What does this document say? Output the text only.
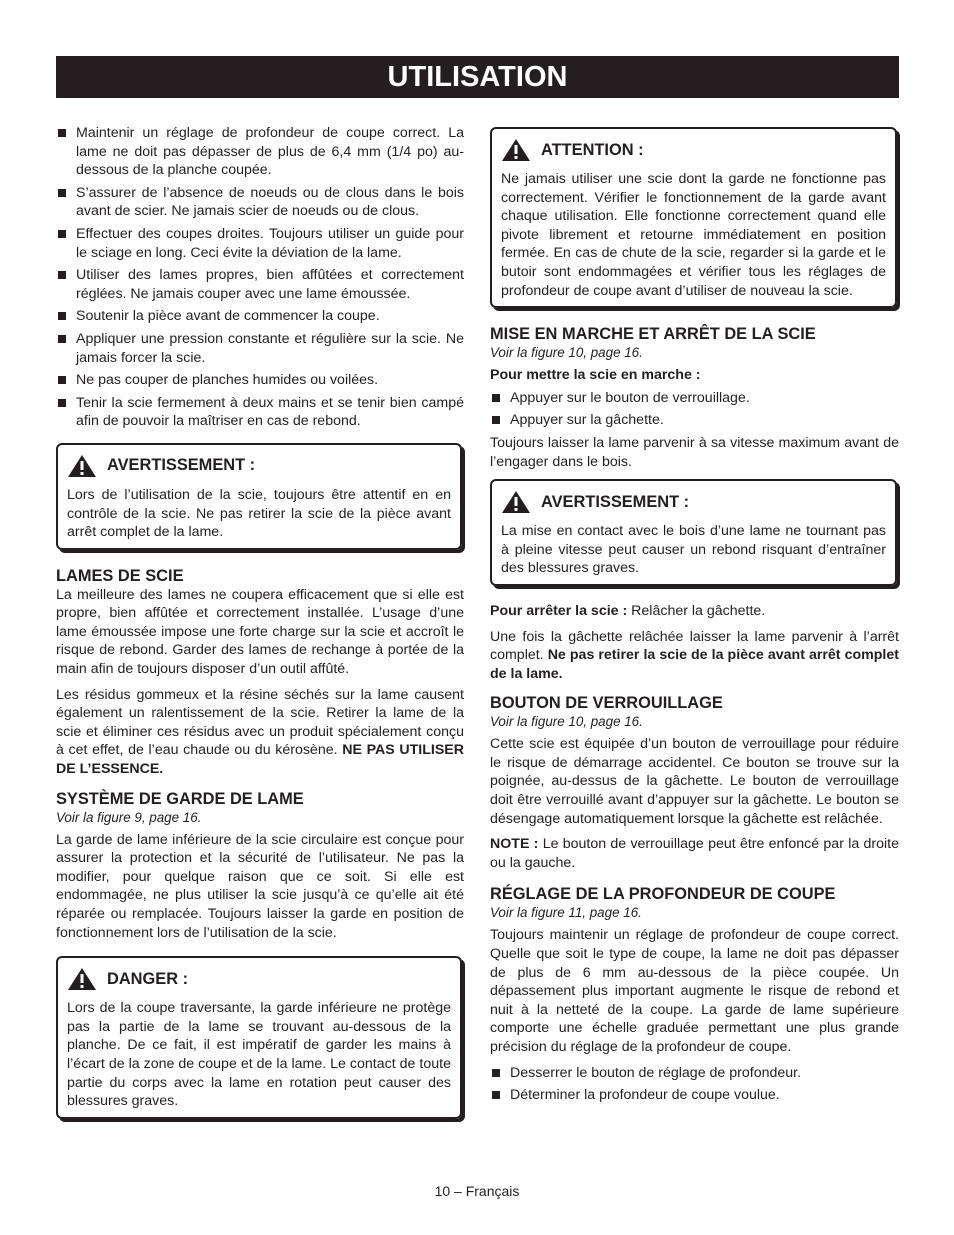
UTILISATION
Maintenir un réglage de profondeur de coupe correct. La lame ne doit pas dépasser de plus de 6,4 mm (1/4 po) au-dessous de la planche coupée.
S’assurer de l’absence de noeuds ou de clous dans le bois avant de scier. Ne jamais scier de noeuds ou de clous.
Effectuer des coupes droites. Toujours utiliser un guide pour le sciage en long. Ceci évite la déviation de la lame.
Utiliser des lames propres, bien affûtées et correctement réglées. Ne jamais couper avec une lame émoussée.
Soutenir la pièce avant de commencer la coupe.
Appliquer une pression constante et régulière sur la scie. Ne jamais forcer la scie.
Ne pas couper de planches humides ou voilées.
Tenir la scie fermement à deux mains et se tenir bien campé afin de pouvoir la maîtriser en cas de rebond.
AVERTISSEMENT :

Lors de l’utilisation de la scie, toujours être attentif en en contrôle de la scie. Ne pas retirer la scie de la pièce avant arrêt complet de la lame.

LAMES DE SCIE

La meilleure des lames ne coupera efficacement que si elle est propre, bien affûtée et correctement installée. L’usage d’une lame émoussée impose une forte charge sur la scie et accroît le risque de rebond. Garder des lames de rechange à portée de la main afin de toujours disposer d’un outil affûté.

Les résidus gommeux et la résine séchés sur la lame causent également un ralentissement de la scie. Retirer la lame de la scie et éliminer ces résidus avec un produit spécialement conçu à cet effet, de l’eau chaude ou du kérosène. NE PAS UTILISER DE L’ESSENCE.

SYSTÈME DE GARDE DE LAME
Voir la figure 9, page 16.

La garde de lame inférieure de la scie circulaire est conçue pour assurer la protection et la sécurité de l’utilisateur. Ne pas la modifier, pour quelque raison que ce soit. Si elle est endommagée, ne plus utiliser la scie jusqu’à ce qu’elle ait été réparée ou remplacée. Toujours laisser la garde en position de fonctionnement lors de l’utilisation de la scie.

DANGER :

Lors de la coupe traversante, la garde inférieure ne protège pas la partie de la lame se trouvant au-dessous de la planche. De ce fait, il est impératif de garder les mains à l’écart de la zone de coupe et de la lame. Le contact de toute partie du corps avec la lame en rotation peut causer des blessures graves.

ATTENTION :

Ne jamais utiliser une scie dont la garde ne fonctionne pas correctement. Vérifier le fonctionnement de la garde avant chaque utilisation. Elle fonctionne correctement quand elle pivote librement et retourne immédiatement en position fermée. En cas de chute de la scie, regarder si la garde et le butoir sont endommagées et vérifier tous les réglages de profondeur de coupe avant d’utiliser de nouveau la scie.

MISE EN MARCHE ET ARRÊT DE LA SCIE
Voir la figure 10, page 16.

Pour mettre la scie en marche :

Appuyer sur le bouton de verrouillage.
Appuyer sur la gâchette.

Toujours laisser la lame parvenir à sa vitesse maximum avant de l’engager dans le bois.

AVERTISSEMENT :

La mise en contact avec le bois d’une lame ne tournant pas à pleine vitesse peut causer un rebond risquant d’entraîner des blessures graves.

Pour arrêter la scie : Relâcher la gâchette.

Une fois la gâchette relâchée laisser la lame parvenir à l’arrêt complet. Ne pas retirer la scie de la pièce avant arrêt complet de la lame.

BOUTON DE VERROUILLAGE
Voir la figure 10, page 16.

Cette scie est équipée d’un bouton de verrouillage pour réduire le risque de démarrage accidentel. Ce bouton se trouve sur la poignée, au-dessus de la gâchette. Le bouton de verrouillage doit être verrouillé avant d’appuyer sur la gâchette. Le bouton se désengage automatiquement lorsque la gâchette est relâchée.

NOTE : Le bouton de verrouillage peut être enfoncé par la droite ou la gauche.

RÉGLAGE DE LA PROFONDEUR DE COUPE
Voir la figure 11, page 16.

Toujours maintenir un réglage de profondeur de coupe correct. Quelle que soit le type de coupe, la lame ne doit pas dépasser de plus de 6 mm au-dessous de la pièce coupée. Un dépassement plus important augmente le risque de rebond et nuit à la netteté de la coupe. La garde de lame supérieure comporte une échelle graduée permettant une plus grande précision du réglage de la profondeur de coupe.

Desserrer le bouton de réglage de profondeur.
Déterminer la profondeur de coupe voulue.
10 – Français
